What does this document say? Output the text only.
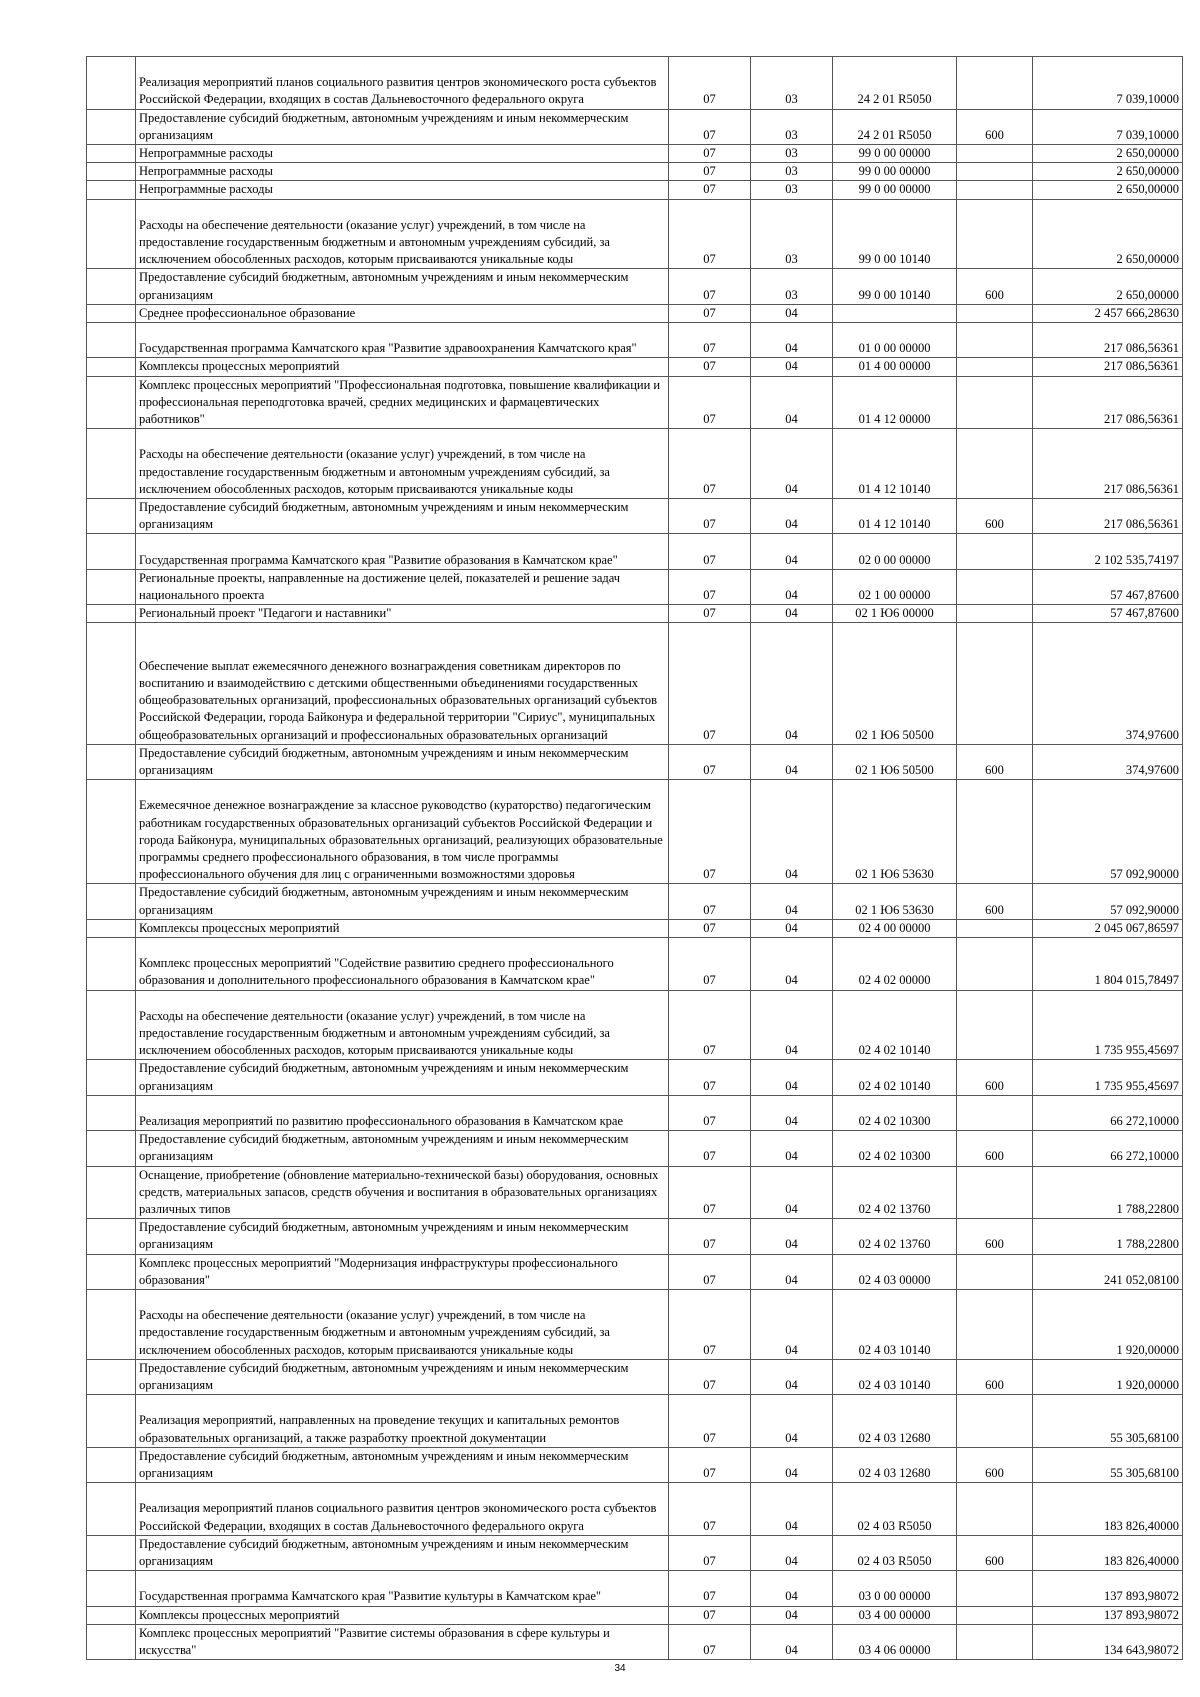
	Реализация мероприятий планов социального развития центров экономического роста субъектов Российской Федерации, входящих в состав Дальневосточного федерального округа	07	03	24 2 01 R5050		7 039,10000
	Предоставление субсидий бюджетным, автономным учреждениям и иным некоммерческим организациям	07	03	24 2 01 R5050	600	7 039,10000
	Непрограммные расходы	07	03	99 0 00 00000		2 650,00000
	Непрограммные расходы	07	03	99 0 00 00000		2 650,00000
	Непрограммные расходы	07	03	99 0 00 00000		2 650,00000
	Расходы на обеспечение деятельности (оказание услуг) учреждений, в том числе на предоставление государственным бюджетным и автономным учреждениям субсидий, за исключением обособленных расходов, которым присваиваются уникальные коды	07	03	99 0 00 10140		2 650,00000
	Предоставление субсидий бюджетным, автономным учреждениям и иным некоммерческим организациям	07	03	99 0 00 10140	600	2 650,00000
	Среднее профессиональное образование	07	04			2 457 666,28630
	Государственная программа Камчатского края "Развитие здравоохранения Камчатского края"	07	04	01 0 00 00000		217 086,56361
	Комплексы процессных мероприятий	07	04	01 4 00 00000		217 086,56361
	Комплекс процессных мероприятий "Профессиональная подготовка, повышение квалификации и профессиональная переподготовка врачей, средних медицинских и фармацевтических работников"	07	04	01 4 12 00000		217 086,56361
	Расходы на обеспечение деятельности (оказание услуг) учреждений, в том числе на предоставление государственным бюджетным и автономным учреждениям субсидий, за исключением обособленных расходов, которым присваиваются уникальные коды	07	04	01 4 12 10140		217 086,56361
	Предоставление субсидий бюджетным, автономным учреждениям и иным некоммерческим организациям	07	04	01 4 12 10140	600	217 086,56361
	Государственная программа Камчатского края "Развитие образования в Камчатском крае"	07	04	02 0 00 00000		2 102 535,74197
	Региональные проекты, направленные на достижение целей, показателей и решение задач национального проекта	07	04	02 1 00 00000		57 467,87600
	Региональный проект "Педагоги и наставники"	07	04	02 1 Ю6 00000		57 467,87600
	Обеспечение выплат ежемесячного денежного вознаграждения советникам директоров по воспитанию и взаимодействию с детскими общественными объединениями государственных общеобразовательных организаций, профессиональных образовательных организаций субъектов Российской Федерации, города Байконура и федеральной территории "Сириус", муниципальных общеобразовательных организаций и профессиональных образовательных организаций	07	04	02 1 Ю6 50500		374,97600
	Предоставление субсидий бюджетным, автономным учреждениям и иным некоммерческим организациям	07	04	02 1 Ю6 50500	600	374,97600
	Ежемесячное денежное вознаграждение за классное руководство (кураторство) педагогическим работникам государственных образовательных организаций субъектов Российской Федерации и города Байконура, муниципальных образовательных организаций, реализующих образовательные программы среднего профессионального образования, в том числе программы профессионального обучения для лиц с ограниченными возможностями здоровья	07	04	02 1 Ю6 53630		57 092,90000
	Предоставление субсидий бюджетным, автономным учреждениям и иным некоммерческим организациям	07	04	02 1 Ю6 53630	600	57 092,90000
	Комплексы процессных мероприятий	07	04	02 4 00 00000		2 045 067,86597
	Комплекс процессных мероприятий "Содействие развитию среднего профессионального образования и дополнительного профессионального образования в Камчатском крае"	07	04	02 4 02 00000		1 804 015,78497
	Расходы на обеспечение деятельности (оказание услуг) учреждений, в том числе на предоставление государственным бюджетным и автономным учреждениям субсидий, за исключением обособленных расходов, которым присваиваются уникальные коды	07	04	02 4 02 10140		1 735 955,45697
	Предоставление субсидий бюджетным, автономным учреждениям и иным некоммерческим организациям	07	04	02 4 02 10140	600	1 735 955,45697
	Реализация мероприятий по развитию профессионального образования в Камчатском крае	07	04	02 4 02 10300		66 272,10000
	Предоставление субсидий бюджетным, автономным учреждениям и иным некоммерческим организациям	07	04	02 4 02 10300	600	66 272,10000
	Оснащение, приобретение (обновление материально-технической базы) оборудования, основных средств, материальных запасов, средств обучения и воспитания в образовательных организациях различных типов	07	04	02 4 02 13760		1 788,22800
	Предоставление субсидий бюджетным, автономным учреждениям и иным некоммерческим организациям	07	04	02 4 02 13760	600	1 788,22800
	Комплекс процессных мероприятий "Модернизация инфраструктуры профессионального образования"	07	04	02 4 03 00000		241 052,08100
	Расходы на обеспечение деятельности (оказание услуг) учреждений, в том числе на предоставление государственным бюджетным и автономным учреждениям субсидий, за исключением обособленных расходов, которым присваиваются уникальные коды	07	04	02 4 03 10140		1 920,00000
	Предоставление субсидий бюджетным, автономным учреждениям и иным некоммерческим организациям	07	04	02 4 03 10140	600	1 920,00000
	Реализация мероприятий, направленных на проведение текущих и капитальных ремонтов образовательных организаций, а также разработку проектной документации	07	04	02 4 03 12680		55 305,68100
	Предоставление субсидий бюджетным, автономным учреждениям и иным некоммерческим организациям	07	04	02 4 03 12680	600	55 305,68100
	Реализация мероприятий планов социального развития центров экономического роста субъектов Российской Федерации, входящих в состав Дальневосточного федерального округа	07	04	02 4 03 R5050		183 826,40000
	Предоставление субсидий бюджетным, автономным учреждениям и иным некоммерческим организациям	07	04	02 4 03 R5050	600	183 826,40000
	Государственная программа Камчатского края "Развитие культуры в Камчатском крае"	07	04	03 0 00 00000		137 893,98072
	Комплексы процессных мероприятий	07	04	03 4 00 00000		137 893,98072
	Комплекс процессных мероприятий "Развитие системы образования в сфере культуры и искусства"	07	04	03 4 06 00000		134 643,98072
34
